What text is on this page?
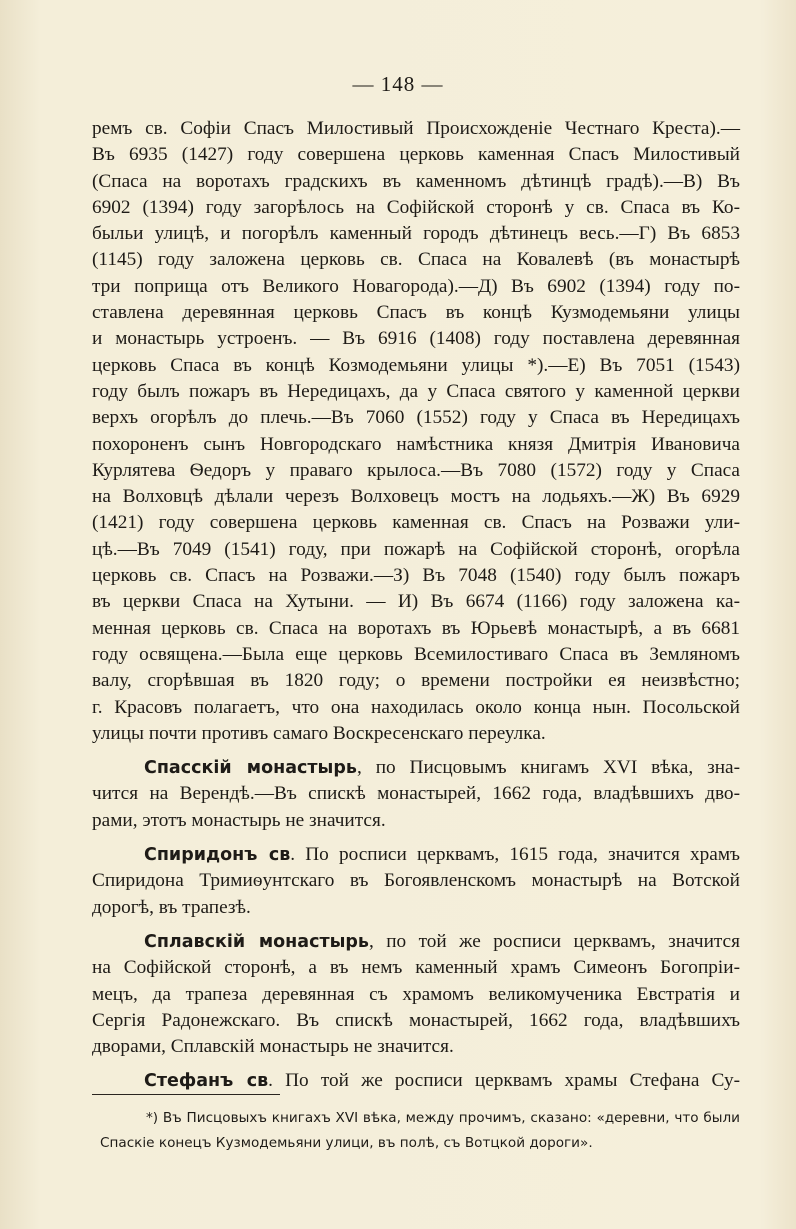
— 148 —
ремъ св. Софіи Спасъ Милостивый Происхожденіе Честнаго Креста).—
Въ 6935 (1427) году совершена церковь каменная Спасъ Милостивый
(Спаса на воротахъ градскихъ въ каменномъ дѣтинцѣ градѣ).—В) Въ
6902 (1394) году загорѣлось на Софійской сторонѣ у св. Спаса въ Ко-
быльи улицѣ, и погорѣлъ каменный городъ дѣтинецъ весь.—Г) Въ 6853
(1145) году заложена церковь св. Спаса на Ковалевѣ (въ монастырѣ
три поприща отъ Великого Новагорода).—Д) Въ 6902 (1394) году по-
ставлена деревянная церковь Спасъ въ концѣ Кузмодемьяни улицы
и монастырь устроенъ. — Въ 6916 (1408) году поставлена деревянная
церковь Спаса въ концѣ Козмодемьяни улицы *).—Е) Въ 7051 (1543)
году былъ пожаръ въ Нередицахъ, да у Спаса святого у каменной церкви
верхъ огорѣлъ до плечь.—Въ 7060 (1552) году у Спаса въ Нередицахъ
похороненъ сынъ Новгородскаго намѣстника князя Дмитрія Ивановича
Курлятева Ѳедоръ у праваго крылоса.—Въ 7080 (1572) году у Спаса
на Волховцѣ дѣлали черезъ Волховецъ мостъ на лодьяхъ.—Ж) Въ 6929
(1421) году совершена церковь каменная св. Спасъ на Розважи ули-
цѣ.—Въ 7049 (1541) году, при пожарѣ на Софійской сторонѣ, огорѣла
церковь св. Спасъ на Розважи.—З) Въ 7048 (1540) году былъ пожаръ
въ церкви Спаса на Хутыни. — И) Въ 6674 (1166) году заложена ка-
менная церковь св. Спаса на воротахъ въ Юрьевѣ монастырѣ, а въ 6681
году освящена.—Была еще церковь Всемилостиваго Спаса въ Земляномъ
валу, сгорѣвшая въ 1820 году; о времени постройки ея неизвѣстно;
г. Красовъ полагаетъ, что она находилась около конца нын. Посольской
улицы почти противъ самаго Воскресенскаго переулка.
Спасскій монастырь, по Писцовымъ книгамъ XVI вѣка, зна-
чится на Верендѣ.—Въ спискѣ монастырей, 1662 года, владѣвшихъ дво-
рами, этотъ монастырь не значится.
Спиридонъ св. По росписи церквамъ, 1615 года, значится храмъ
Спиридона Тримиѳунтскаго въ Богоявленскомъ монастырѣ на Вотской
дорогѣ, въ трапезѣ.
Сплавскій монастырь, по той же росписи церквамъ, значится
на Софійской сторонѣ, а въ немъ каменный храмъ Симеонъ Богопріи-
мецъ, да трапеза деревянная съ храмомъ великомученика Евстратія и
Сергія Радонежскаго. Въ спискѣ монастырей, 1662 года, владѣвшихъ
дворами, Сплавскій монастырь не значится.
Стефанъ св. По той же росписи церквамъ храмы Стефана Су-
*) Въ Писцовыхъ книгахъ XVI вѣка, между прочимъ, сказано: «деревни, что были
Спаскіе конецъ Кузмодемьяни улици, въ полѣ, съ Вотцкой дороги».
